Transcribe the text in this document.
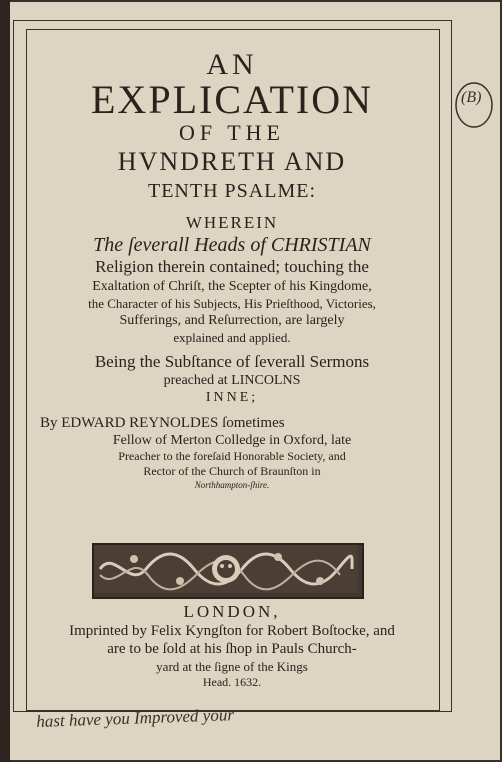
AN
EXPLICATION
OF THE
HVNDRETH AND
TENTH PSALME:
WHEREIN
The ſeverall Heads of CHRISTIAN
Religion therein contained; touching the
Exaltation of Chriſt, the Scepter of his Kingdome,
the Character of his Subjects, His Prieſthood, Victories,
Sufferings, and Reſurrection, are largely
explained and applied.
Being the Subſtance of ſeverall Sermons
preached at LINCOLNS
INNE;
By EDWARD REYNOLDES ſometimes
Fellow of Merton Colledge in Oxford, late
Preacher to the foreſaid Honorable Society, and
Rector of the Church of Braunſton in
Northhampton-ſhire.
LONDON,
Imprinted by Felix Kyngſton for Robert Boſtocke, and
are to be ſold at his ſhop in Pauls Church-
yard at the ſigne of the Kings
Head. 1632.
(B)
hast have you Improved your
